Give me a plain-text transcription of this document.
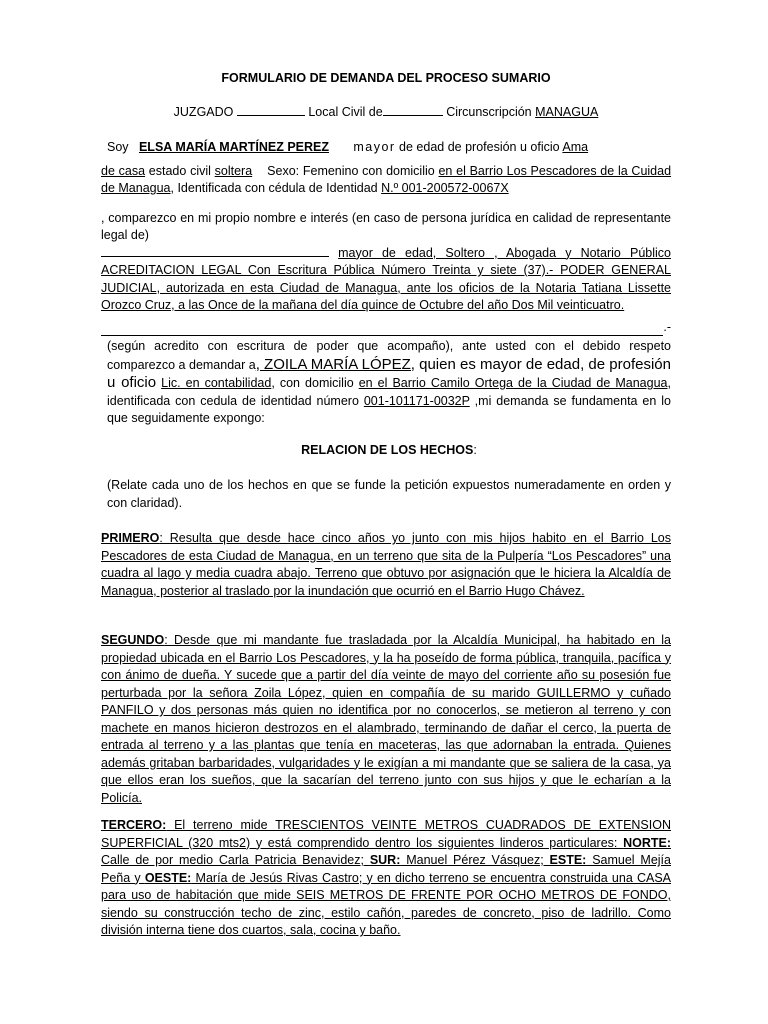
FORMULARIO DE DEMANDA DEL PROCESO SUMARIO

JUZGADO	Local Civil de	Circunscripción MANAGUA

Soy ELSA MARÍA MARTÍNEZ PEREZ mayor de edad de profesión u oficio Ama

de casa estado civil soltera Sexo: Femenino con domicilio en el Barrio Los Pescadores de la Cuidad de Managua, Identificada con cédula de Identidad N.º 001-200572-0067X

, comparezco en mi propio nombre e interés (en caso de persona jurídica en calidad de representante legal de)

mayor de edad, Soltero , Abogada y Notario Público ACREDITACION LEGAL Con Escritura Pública Número Treinta y siete (37).- PODER GENERAL JUDICIAL, autorizada en esta Ciudad de Managua, ante los oficios de la Notaria Tatiana Lissette Orozco Cruz, a las Once de la mañana del día quince de Octubre del año Dos Mil veinticuatro.

.-

(según acredito con escritura de poder que acompaño), ante usted con el debido respeto comparezco a demandar a, ZOILA MARÍA LÓPEZ, quien es mayor de edad, de profesión u oficio Lic. en contabilidad, con domicilio en el Barrio Camilo Ortega de la Ciudad de Managua, identificada con cedula de identidad número 001-101171-0032P ,mi demanda se fundamenta en lo que seguidamente expongo:

RELACION DE LOS HECHOS:

(Relate cada uno de los hechos en que se funde la petición expuestos numeradamente en orden y con claridad).

PRIMERO: Resulta que desde hace cinco años yo junto con mis hijos habito en el Barrio Los Pescadores de esta Ciudad de Managua, en un terreno que sita de la Pulpería “Los Pescadores” una cuadra al lago y media cuadra abajo. Terreno que obtuvo por asignación que le hiciera la Alcaldía de Managua, posterior al traslado por la inundación que ocurrió en el Barrio Hugo Chávez.

SEGUNDO: Desde que mi mandante fue trasladada por la Alcaldía Municipal, ha habitado en la propiedad ubicada en el Barrio Los Pescadores, y la ha poseído de forma pública, tranquila, pacífica y con ánimo de dueña. Y sucede que a partir del día veinte de mayo del corriente año su posesión fue perturbada por la señora Zoila López, quien en compañía de su marido GUILLERMO y cuñado PANFILO y dos personas más quien no identifica por no conocerlos, se metieron al terreno y con machete en manos hicieron destrozos en el alambrado, terminando de dañar el cerco, la puerta de entrada al terreno y a las plantas que tenía en maceteras, las que adornaban la entrada. Quienes además gritaban barbaridades, vulgaridades y le exigían a mi mandante que se saliera de la casa, ya que ellos eran los sueños, que la sacarían del terreno junto con sus hijos y que le echarían a la Policía.

TERCERO: El terreno mide TRESCIENTOS VEINTE METROS CUADRADOS DE EXTENSION SUPERFICIAL (320 mts2) y está comprendido dentro los siguientes linderos particulares: NORTE: Calle de por medio Carla Patricia Benavidez; SUR: Manuel Pérez Vásquez; ESTE: Samuel Mejía Peña y OESTE: María de Jesús Rivas Castro; y en dicho terreno se encuentra construida una CASA para uso de habitación que mide SEIS METROS DE FRENTE POR OCHO METROS DE FONDO, siendo su construcción techo de zinc, estilo cañón, paredes de concreto, piso de ladrillo. Como división interna tiene dos cuartos, sala, cocina y baño.
